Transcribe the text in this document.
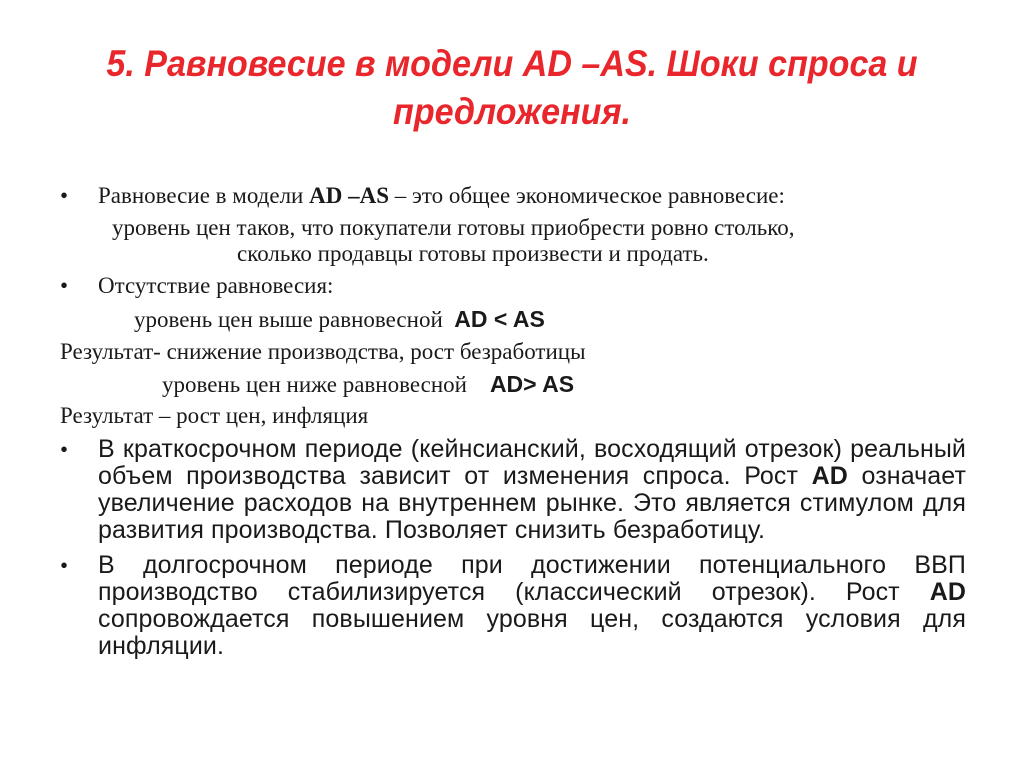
5. Равновесие в модели AD –AS. Шоки спроса и
предложения.
• Равновесие в модели AD –AS – это общее экономическое равновесие:
уровень цен таков, что покупатели готовы приобрести ровно столько,
сколько продавцы готовы произвести и продать.
• Отсутствие равновесия:
уровень цен выше равновесной AD < AS
Результат- снижение производства, рост безработицы
уровень цен ниже равновесной AD> AS
Результат – рост цен, инфляция
• В краткосрочном периоде (кейнсианский, восходящий отрезок) реальный объем производства зависит от изменения спроса. Рост AD означает увеличение расходов на внутреннем рынке. Это является стимулом для развития производства. Позволяет снизить безработицу.
• В долгосрочном периоде при достижении потенциального ВВП производство стабилизируется (классический отрезок). Рост AD сопровождается повышением уровня цен, создаются условия для инфляции.
